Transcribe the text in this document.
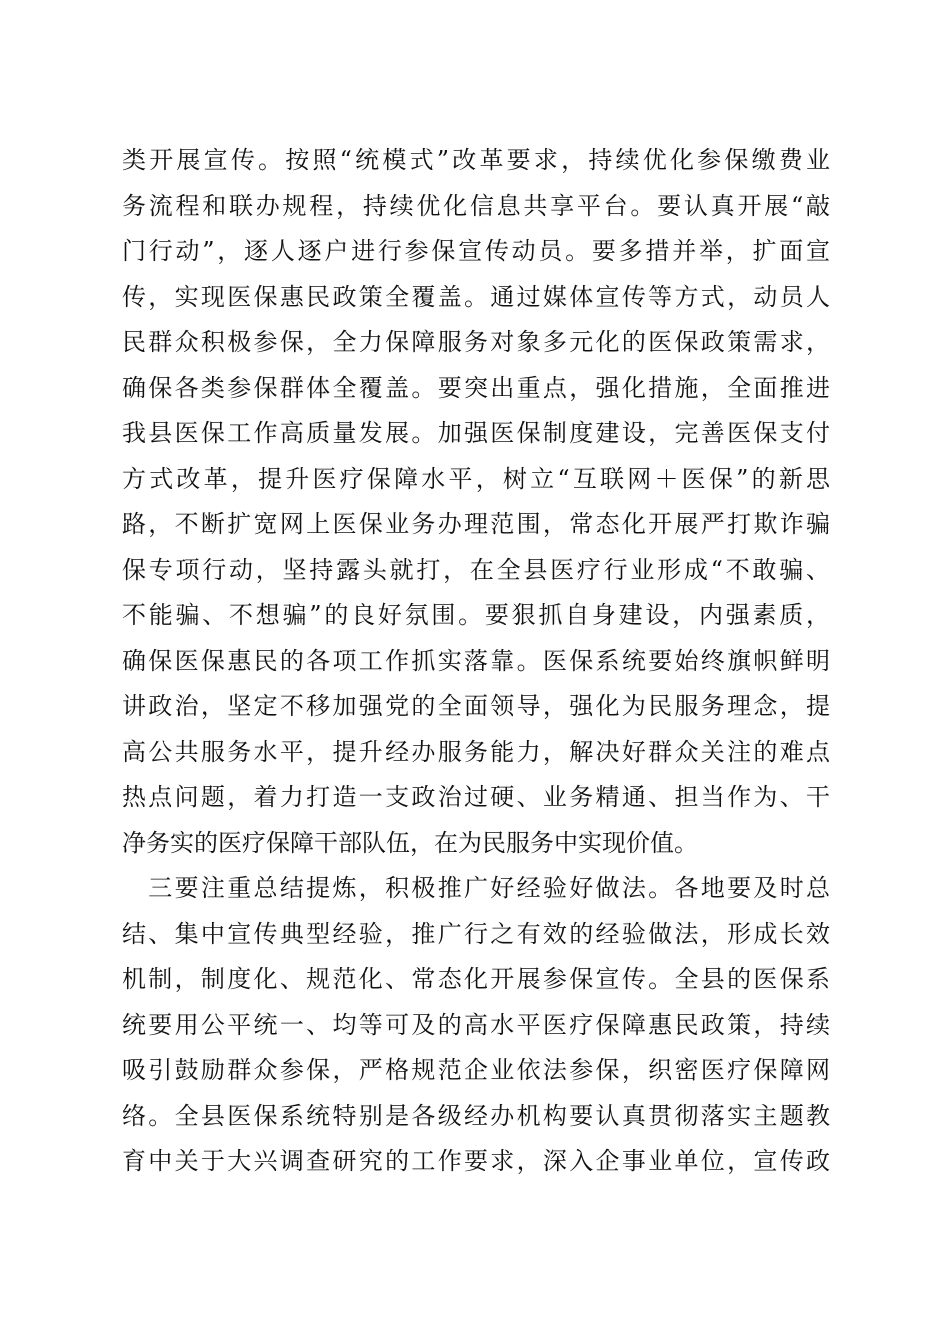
类开展宣传。按照“统模式”改革要求，持续优化参保缴费业
务流程和联办规程，持续优化信息共享平台。要认真开展“敲
门行动”，逐人逐户进行参保宣传动员。要多措并举，扩面宣
传，实现医保惠民政策全覆盖。通过媒体宣传等方式，动员人
民群众积极参保，全力保障服务对象多元化的医保政策需求，
确保各类参保群体全覆盖。要突出重点，强化措施，全面推进
我县医保工作高质量发展。加强医保制度建设，完善医保支付
方式改革，提升医疗保障水平，树立“互联网＋医保”的新思
路，不断扩宽网上医保业务办理范围，常态化开展严打欺诈骗
保专项行动，坚持露头就打，在全县医疗行业形成“不敢骗、
不能骗、不想骗”的良好氛围。要狠抓自身建设，内强素质，
确保医保惠民的各项工作抓实落靠。医保系统要始终旗帜鲜明
讲政治，坚定不移加强党的全面领导，强化为民服务理念，提
高公共服务水平，提升经办服务能力，解决好群众关注的难点
热点问题，着力打造一支政治过硬、业务精通、担当作为、干
净务实的医疗保障干部队伍，在为民服务中实现价值。
　三要注重总结提炼，积极推广好经验好做法。各地要及时总
结、集中宣传典型经验，推广行之有效的经验做法，形成长效
机制，制度化、规范化、常态化开展参保宣传。全县的医保系
统要用公平统一、均等可及的高水平医疗保障惠民政策，持续
吸引鼓励群众参保，严格规范企业依法参保，织密医疗保障网
络。全县医保系统特别是各级经办机构要认真贯彻落实主题教
育中关于大兴调查研究的工作要求，深入企事业单位，宣传政
